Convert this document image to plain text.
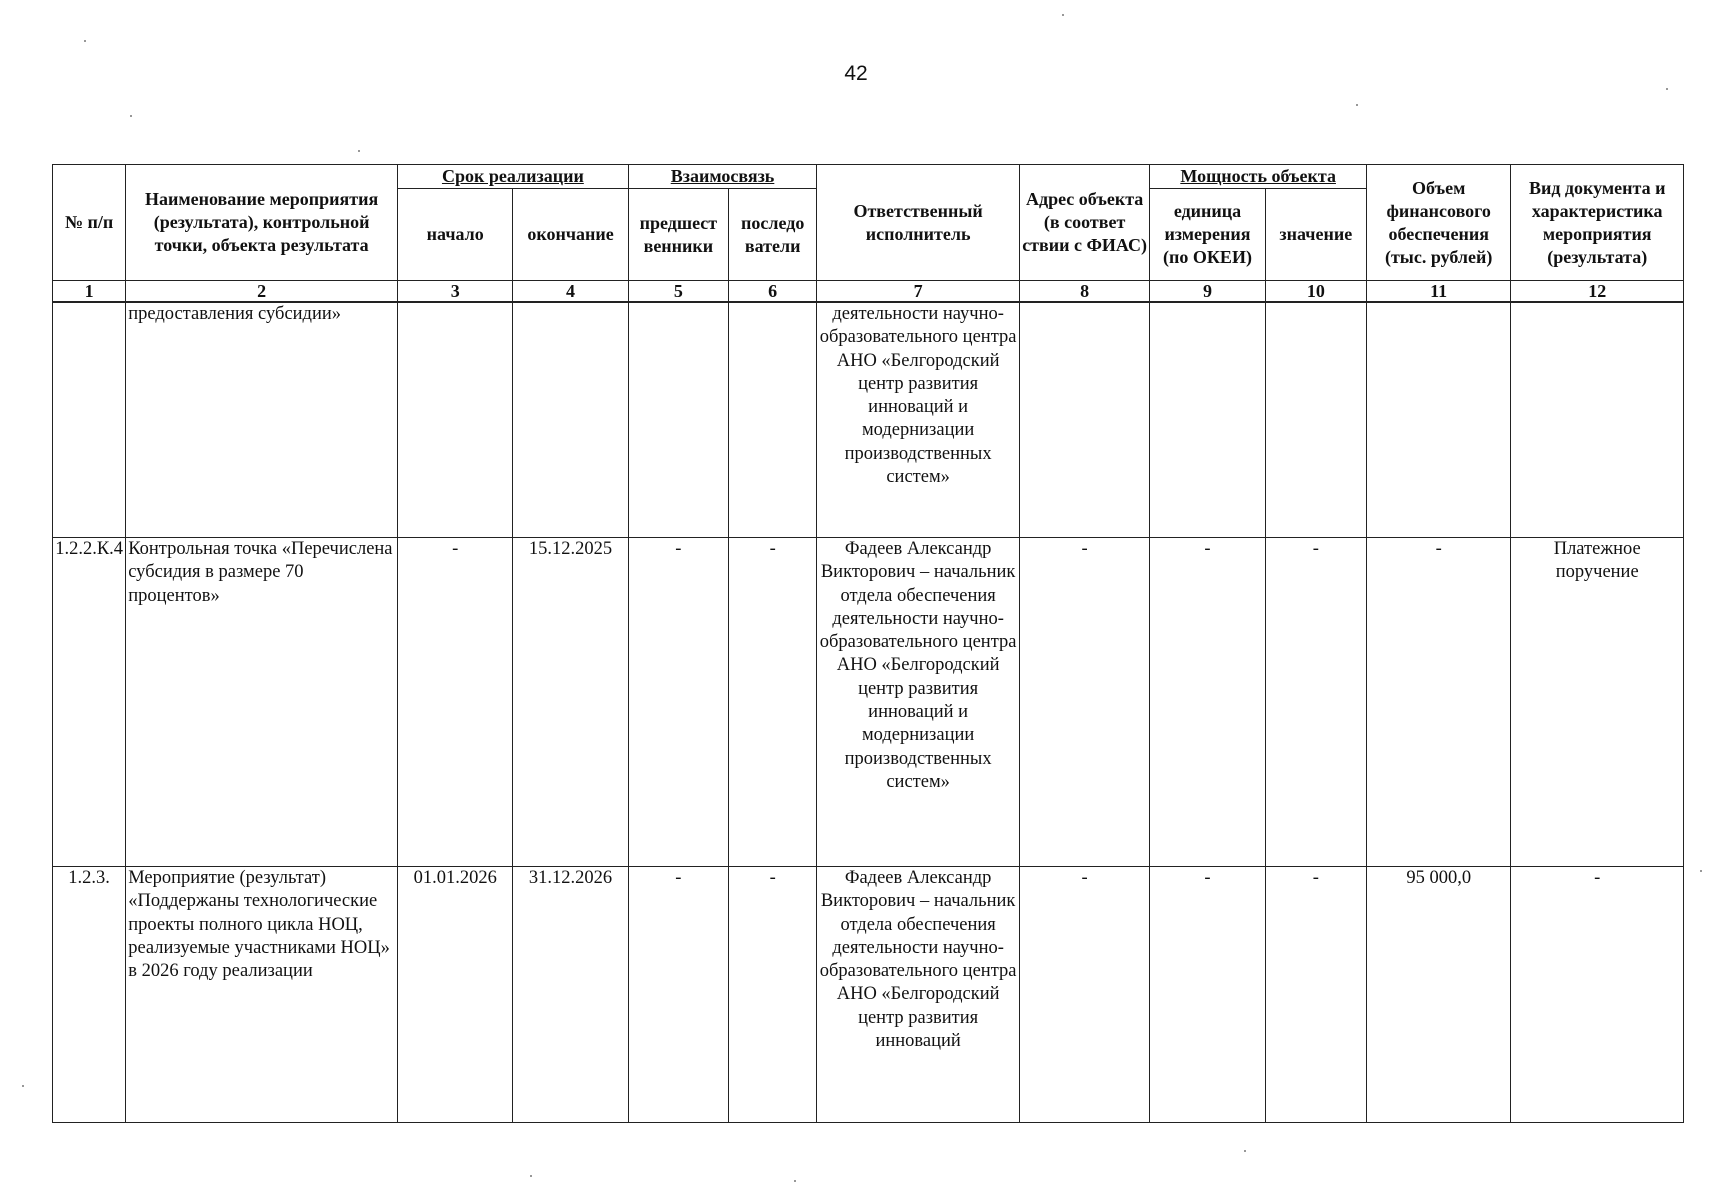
42
№ п/п	Наименование мероприятия (результата), контрольной точки, объекта результата	Срок реализации		Взаимосвязь		Ответственный исполнитель	Адрес объекта (в соответ ствии с ФИАС)	Мощность объекта		Объем финансового обеспечения (тыс. рублей)	Вид документа и характеристика мероприятия (результата)
		начало	окончание	предшест венники	последо ватели			единица измерения (по ОКЕИ)	значение		
1	2	3	4	5	6	7	8	9	10	11	12
	предоставления субсидии»					деятельности научно-образовательного центра АНО «Белгородский центр развития инноваций и модернизации производственных систем»					
1.2.2.К.4	Контрольная точка «Перечислена субсидия в размере 70 процентов»	-	15.12.2025	-	-	Фадеев Александр Викторович – начальник отдела обеспечения деятельности научно-образовательного центра АНО «Белгородский центр развития инноваций и модернизации производственных систем»	-	-	-	-	Платежное поручение
1.2.3.	Мероприятие (результат) «Поддержаны технологические проекты полного цикла НОЦ, реализуемые участниками НОЦ» в 2026 году реализации	01.01.2026	31.12.2026	-	-	Фадеев Александр Викторович – начальник отдела обеспечения деятельности научно-образовательного центра АНО «Белгородский центр развития инноваций	-	-	-	95 000,0	-
